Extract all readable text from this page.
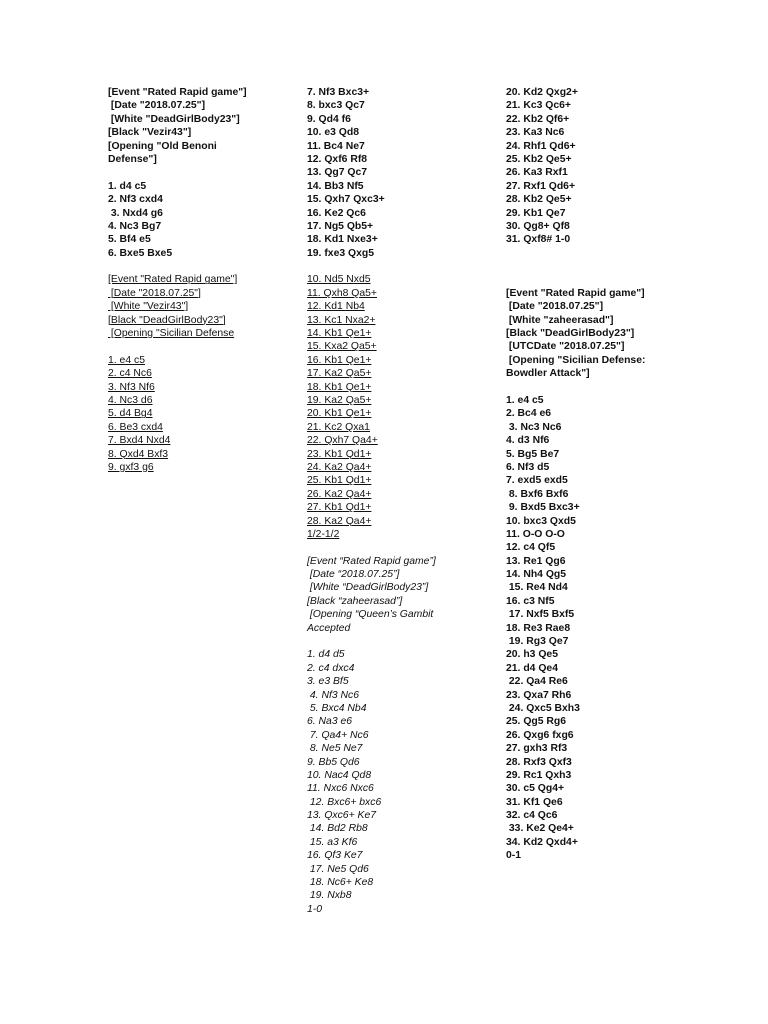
[Event "Rated Rapid game"]
[Date "2018.07.25"]
[White "DeadGirlBody23"]
[Black "Vezir43"]
[Opening "Old Benoni
Defense"]
1. d4 c5
2. Nf3 cxd4
3. Nxd4 g6
4. Nc3 Bg7
5. Bf4 e5
6. Bxe5 Bxe5
[Event "Rated Rapid game"]
[Date "2018.07.25"]
[White "Vezir43"]
[Black "DeadGirlBody23"]
[Opening "Sicilian Defense
1. e4 c5
2. c4 Nc6
3. Nf3 Nf6
4. Nc3 d6
5. d4 Bg4
6. Be3 cxd4
7. Bxd4 Nxd4
8. Qxd4 Bxf3
9. gxf3 g6
7. Nf3 Bxc3+
8. bxc3 Qc7
9. Qd4 f6
10. e3 Qd8
11. Bc4 Ne7
12. Qxf6 Rf8
13. Qg7 Qc7
14. Bb3 Nf5
15. Qxh7 Qxc3+
16. Ke2 Qc6
17. Ng5 Qb5+
18. Kd1 Nxe3+
19. fxe3 Qxg5
10. Nd5 Nxd5
11. Qxh8 Qa5+
12. Kd1 Nb4
13. Kc1 Nxa2+
14. Kb1 Qe1+
15. Kxa2 Qa5+
16. Kb1 Qe1+
17. Ka2 Qa5+
18. Kb1 Qe1+
19. Ka2 Qa5+
20. Kb1 Qe1+
21. Kc2 Qxa1
22. Qxh7 Qa4+
23. Kb1 Qd1+
24. Ka2 Qa4+
25. Kb1 Qd1+
26. Ka2 Qa4+
27. Kb1 Qd1+
28. Ka2 Qa4+
1/2-1/2
[Event “Rated Rapid game”]
[Date “2018.07.25”]
[White “DeadGirlBody23”]
[Black “zaheerasad”]
[Opening “Queen’s Gambit
Accepted
1. d4 d5
2. c4 dxc4
3. e3 Bf5
4. Nf3 Nc6
5. Bxc4 Nb4
6. Na3 e6
7. Qa4+ Nc6
8. Ne5 Ne7
9. Bb5 Qd6
10. Nac4 Qd8
11. Nxc6 Nxc6
12. Bxc6+ bxc6
13. Qxc6+ Ke7
14. Bd2 Rb8
15. a3 Kf6
16. Qf3 Ke7
17. Ne5 Qd6
18. Nc6+ Ke8
19. Nxb8
1-0
20. Kd2 Qxg2+
21. Kc3 Qc6+
22. Kb2 Qf6+
23. Ka3 Nc6
24. Rhf1 Qd6+
25. Kb2 Qe5+
26. Ka3 Rxf1
27. Rxf1 Qd6+
28. Kb2 Qe5+
29. Kb1 Qe7
30. Qg8+ Qf8
31. Qxf8# 1-0
[Event "Rated Rapid game"]
[Date "2018.07.25"]
[White "zaheerasad"]
[Black "DeadGirlBody23"]
[UTCDate "2018.07.25"]
[Opening "Sicilian Defense:
Bowdler Attack"]
1. e4 c5
2. Bc4 e6
3. Nc3 Nc6
4. d3 Nf6
5. Bg5 Be7
6. Nf3 d5
7. exd5 exd5
8. Bxf6 Bxf6
9. Bxd5 Bxc3+
10. bxc3 Qxd5
11. O-O O-O
12. c4 Qf5
13. Re1 Qg6
14. Nh4 Qg5
15. Re4 Nd4
16. c3 Nf5
17. Nxf5 Bxf5
18. Re3 Rae8
19. Rg3 Qe7
20. h3 Qe5
21. d4 Qe4
22. Qa4 Re6
23. Qxa7 Rh6
24. Qxc5 Bxh3
25. Qg5 Rg6
26. Qxg6 fxg6
27. gxh3 Rf3
28. Rxf3 Qxf3
29. Rc1 Qxh3
30. c5 Qg4+
31. Kf1 Qe6
32. c4 Qc6
33. Ke2 Qe4+
34. Kd2 Qxd4+
0-1
